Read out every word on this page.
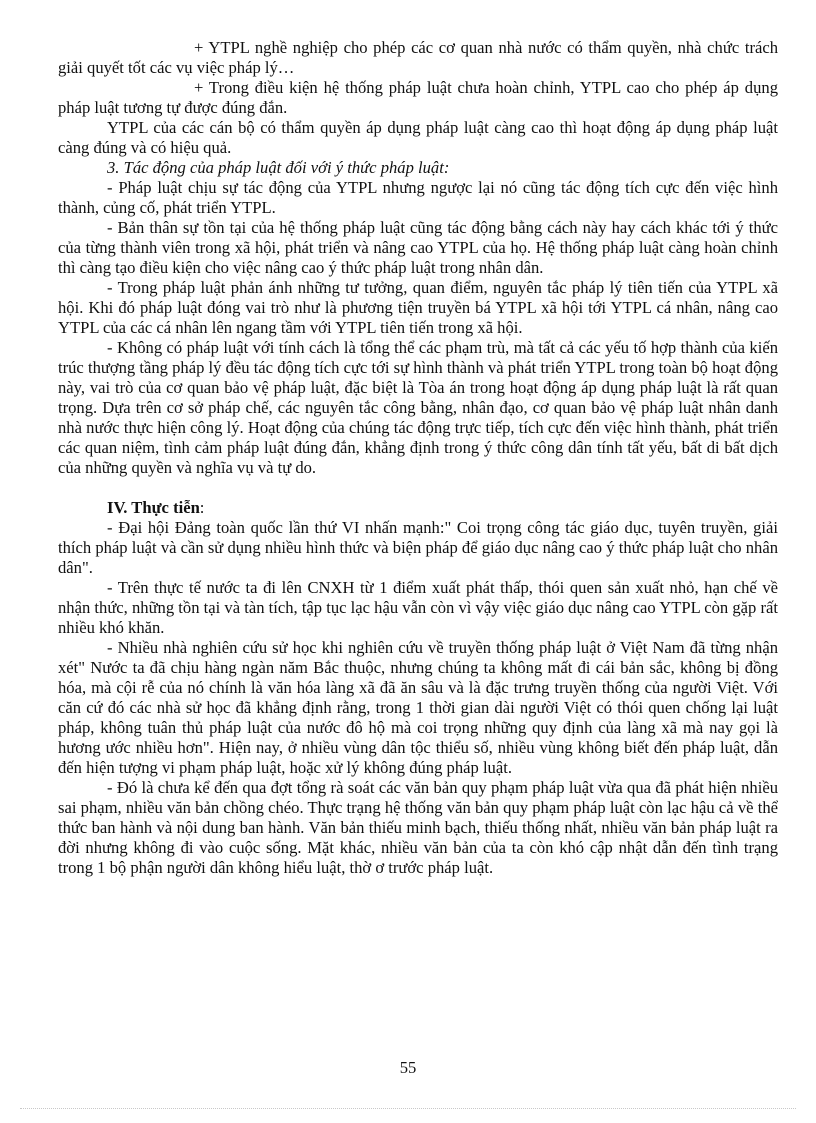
+ YTPL nghề nghiệp cho phép các cơ quan nhà nước có thẩm quyền, nhà chức trách giải quyết tốt các vụ việc pháp lý…

+ Trong điều kiện hệ thống pháp luật chưa hoàn chỉnh, YTPL cao cho phép áp dụng pháp luật tương tự được đúng đắn.

YTPL của các cán bộ có thẩm quyền áp dụng pháp luật càng cao thì hoạt động áp dụng pháp luật càng đúng và có hiệu quả.

3. Tác động của pháp luật đối với ý thức pháp luật:

- Pháp luật chịu sự tác động của YTPL nhưng ngược lại nó cũng tác động tích cực đến việc hình thành, củng cố, phát triển YTPL.

- Bản thân sự tồn tại của hệ thống pháp luật cũng tác động bằng cách này hay cách khác tới ý thức của từng thành viên trong xã hội, phát triển và nâng cao YTPL của họ. Hệ thống pháp luật càng hoàn chỉnh thì càng tạo điều kiện cho việc nâng cao ý thức pháp luật trong nhân dân.

- Trong pháp luật phản ánh những tư tưởng, quan điểm, nguyên tắc pháp lý tiên tiến của YTPL xã hội. Khi đó pháp luật đóng vai trò như là phương tiện truyền bá YTPL xã hội tới YTPL cá nhân, nâng cao YTPL của các cá nhân lên ngang tầm với YTPL tiên tiến trong xã hội.

- Không có pháp luật với tính cách là tổng thể các phạm trù, mà tất cả các yếu tố hợp thành của kiến trúc thượng tầng pháp lý đều tác động tích cực tới sự hình thành và phát triển YTPL trong toàn bộ hoạt động này, vai trò của cơ quan bảo vệ pháp luật, đặc biệt là Tòa án trong hoạt động áp dụng pháp luật là rất quan trọng. Dựa trên cơ sở pháp chế, các nguyên tắc công bằng, nhân đạo, cơ quan bảo vệ pháp luật nhân danh nhà nước thực hiện công lý. Hoạt động của chúng tác động trực tiếp, tích cực đến việc hình thành, phát triển các quan niệm, tình cảm pháp luật đúng đắn, khẳng định trong ý thức công dân tính tất yếu, bất di bất dịch của những quyền và nghĩa vụ và tự do.

IV. Thực tiễn:

- Đại hội Đảng toàn quốc lần thứ VI nhấn mạnh:" Coi trọng công tác giáo dục, tuyên truyền, giải thích pháp luật và cần sử dụng nhiều hình thức và biện pháp để giáo dục nâng cao ý thức pháp luật cho nhân dân".

- Trên thực tế nước ta đi lên CNXH từ 1 điểm xuất phát thấp, thói quen sản xuất nhỏ, hạn chế về nhận thức, những tồn tại và tàn tích, tập tục lạc hậu vẫn còn vì vậy việc giáo dục nâng cao YTPL còn gặp rất nhiều khó khăn.

- Nhiều nhà nghiên cứu sử học khi nghiên cứu về truyền thống pháp luật ở Việt Nam đã từng nhận xét" Nước ta đã chịu hàng ngàn năm Bắc thuộc, nhưng chúng ta không mất đi cái bản sắc, không bị đồng hóa, mà cội rễ của nó chính là văn hóa làng xã đã ăn sâu và là đặc trưng truyền thống của người Việt. Với căn cứ đó các nhà sử học đã khẳng định rằng, trong 1 thời gian dài người Việt có thói quen chống lại luật pháp, không tuân thủ pháp luật của nước đô hộ mà coi trọng những quy định của làng xã mà nay gọi là hương ước nhiều hơn". Hiện nay, ở nhiều vùng dân tộc thiểu số, nhiều vùng không biết đến pháp luật, dẫn đến hiện tượng vi phạm pháp luật, hoặc xử lý không đúng pháp luật.

- Đó là chưa kể đến qua đợt tổng rà soát các văn bản quy phạm pháp luật vừa qua đã phát hiện nhiều sai phạm, nhiều văn bản chồng chéo. Thực trạng hệ thống văn bản quy phạm pháp luật còn lạc hậu cả về thể thức ban hành và nội dung ban hành. Văn bản thiếu minh bạch, thiếu thống nhất, nhiều văn bản pháp luật ra đời nhưng không đi vào cuộc sống. Mặt khác, nhiều văn bản của ta còn khó cập nhật dẫn đến tình trạng trong 1 bộ phận người dân không hiểu luật, thờ ơ trước pháp luật.

55
